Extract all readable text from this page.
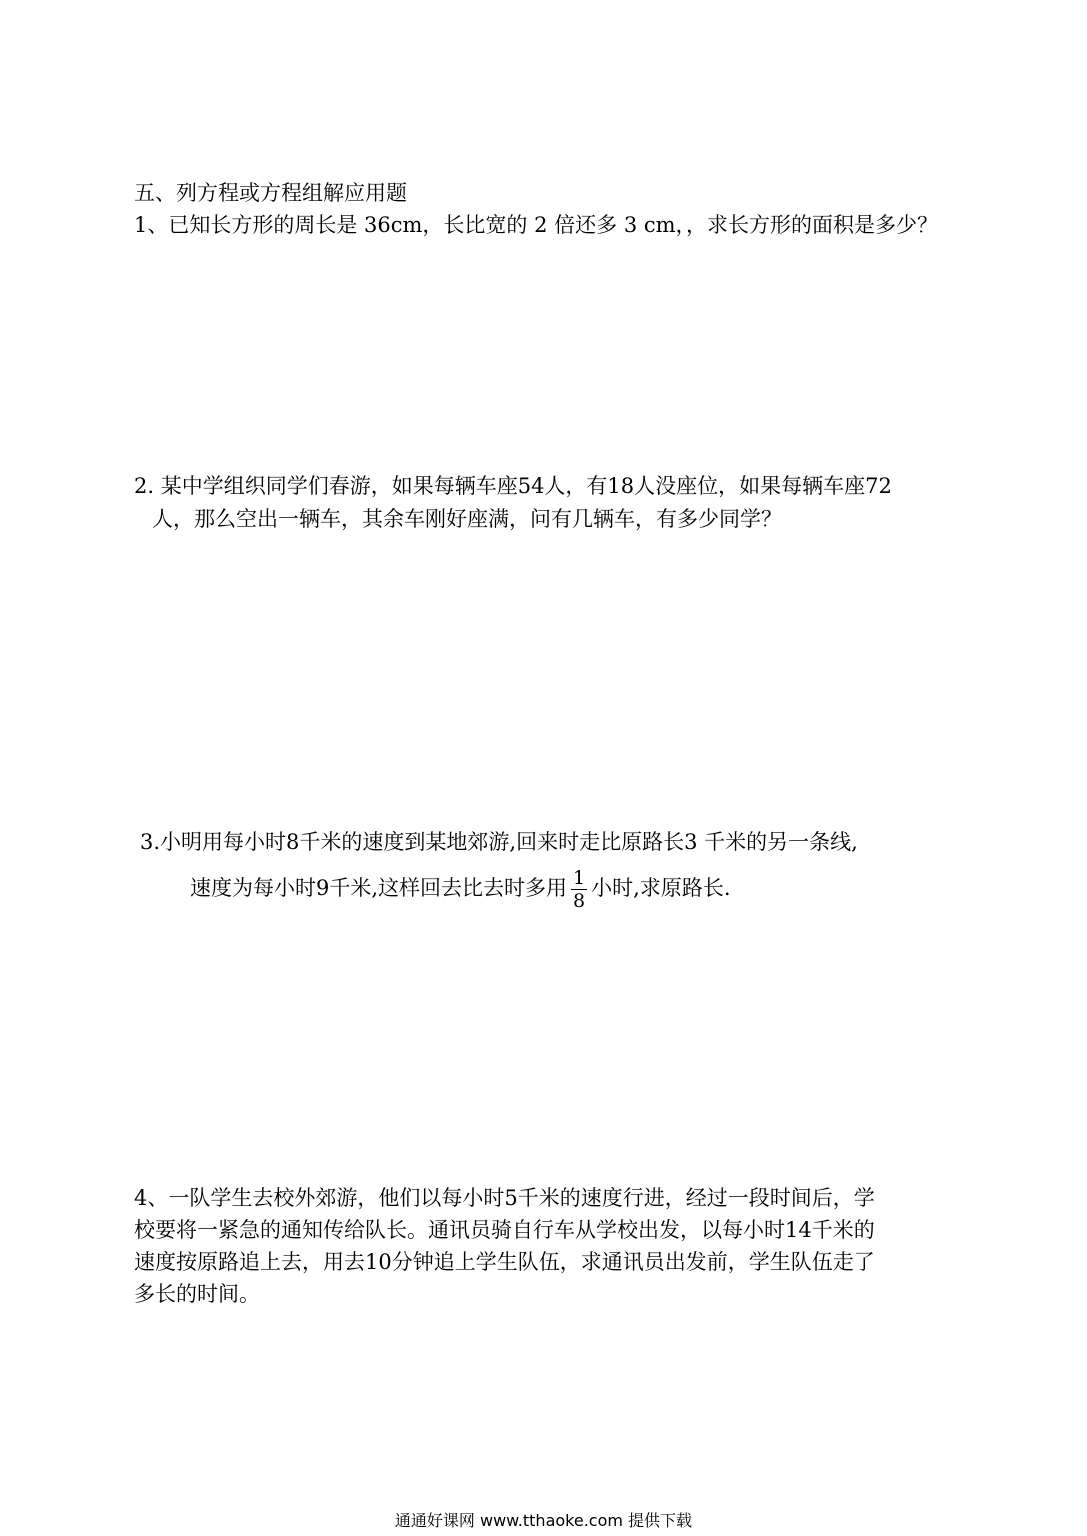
五、列方程或方程组解应用题
1、已知长方形的周长是 36cm，长比宽的 2 倍还多 3 cm，，求长方形的面积是多少？
2. 某中学组织同学们春游，如果每辆车座54人，有18人没座位，如果每辆车座72
人，那么空出一辆车，其余车刚好座满，问有几辆车，有多少同学？
3.小明用每小时8千米的速度到某地郊游,回来时走比原路长3 千米的另一条线,
速度为每小时9千米,这样回去比去时多用 $\frac{1}{8}$ 小时,求原路长.
4、一队学生去校外郊游，他们以每小时5千米的速度行进，经过一段时间后，学
校要将一紧急的通知传给队长。通讯员骑自行车从学校出发，以每小时14千米的
速度按原路追上去，用去10分钟追上学生队伍，求通讯员出发前，学生队伍走了
多长的时间。
通通好课网 www.tthaoke.com 提供下载
